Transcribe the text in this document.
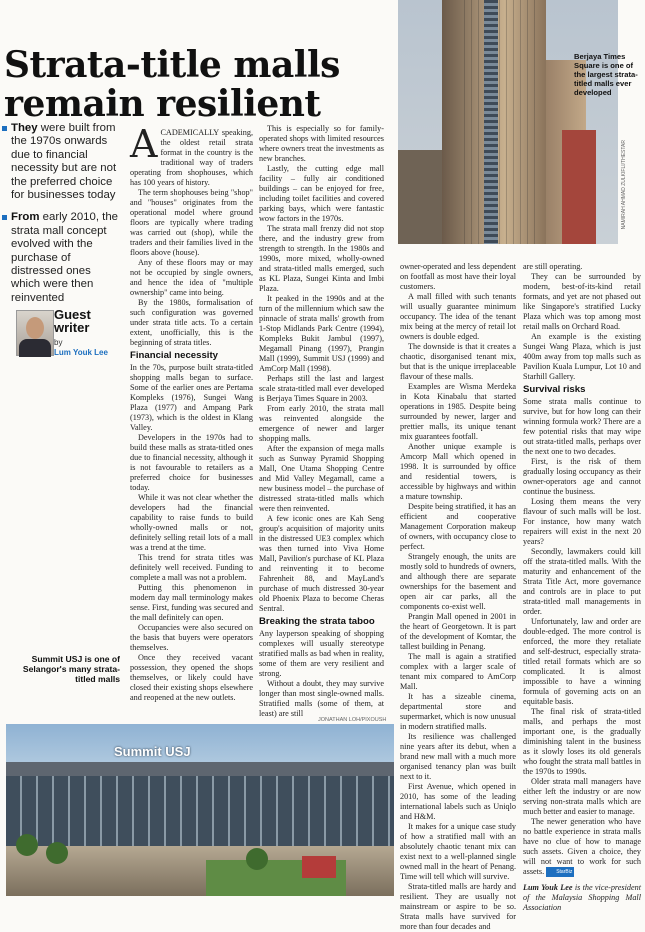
Strata-title malls remain resilient
They were built from the 1970s onwards due to financial necessity but are not the preferred choice for businesses today
From early 2010, the strata mall concept evolved with the purchase of distressed ones which were then reinvented
Guest writer
by
Lum Youk Lee
Berjaya Times Square is one of the largest strata-titled malls ever developed
NAMIRAH AHMAD ZULKIFLI/THESTAR

ACADEMICALLY speaking, the oldest retail strata format in the country is the traditional way of traders operating from shophouses, which has 100 years of history.

The term shophouses being "shop" and "houses" originates from the operational model where ground floors are typically where trading was carried out (shop), while the traders and their families lived in the floors above (house).

Any of these floors may or may not be occupied by single owners, and hence the idea of "multiple ownership" came into being.

By the 1980s, formalisation of such configuration was governed under strata title acts. To a certain extent, unofficially, this is the beginning of strata titles.

Financial necessity

In the 70s, purpose built strata-titled shopping malls began to surface. Some of the earlier ones are Pertama Kompleks (1976), Sungei Wang Plaza (1977) and Ampang Park (1973), which is the oldest in Klang Valley.

Developers in the 1970s had to build these malls as strata-titled ones due to financial necessity, although it is not favourable to retailers as a preferred choice for businesses today.

While it was not clear whether the developers had the financial capability to raise funds to build wholly-owned malls or not, definitely selling retail lots of a mall was a trend at the time.

This trend for strata titles was definitely well received. Funding to complete a mall was not a problem.

Putting this phenomenon in modern day mall terminology makes sense. First, funding was secured and the mall definitely can open.

Occupancies were also secured on the basis that buyers were operators themselves.

Once they received vacant possession, they opened the shops themselves, or likely could have closed their existing shops elsewhere and reopened at the new outlets.

This is especially so for family-operated shops with limited resources where owners treat the investments as new branches.

Lastly, the cutting edge mall facility – fully air conditioned buildings – can be enjoyed for free, including toilet facilities and covered parking bays, which were fantastic wow factors in the 1970s.

The strata mall frenzy did not stop there, and the industry grew from strength to strength. In the 1980s and 1990s, more mixed, wholly-owned and strata-titled malls emerged, such as KL Plaza, Sungei Kinta and Imbi Plaza.

It peaked in the 1990s and at the turn of the millennium which saw the pinnacle of strata malls' growth from 1-Stop Midlands Park Centre (1994), Kompleks Bukit Jambul (1997), Megamall Pinang (1997), Prangin Mall (1999), Summit USJ (1999) and AmCorp Mall (1998).

Perhaps still the last and largest scale strata-titled mall ever developed is Berjaya Times Square in 2003.

From early 2010, the strata mall was reinvented alongside the emergence of newer and larger shopping malls.

After the expansion of mega malls such as Sunway Pyramid Shopping Mall, One Utama Shopping Centre and Mid Valley Megamall, came a new business model – the purchase of distressed strata-titled malls which were then reinvented.

A few iconic ones are Kah Seng group's acquisition of majority units in the distressed UE3 complex which was then turned into Viva Home Mall, Pavilion's purchase of KL Plaza and reinventing it to become Fahrenheit 88, and MayLand's purchase of much distressed 30-year old Phoenix Plaza to become Cheras Sentral.

Breaking the strata taboo

Any layperson speaking of shopping complexes will usually stereotype stratified malls as bad when in reality, some of them are very resilient and strong.

Without a doubt, they may survive longer than most single-owned malls. Stratified malls (some of them, at least) are still

JONATHAN LOH/PIXOUSH
Summit USJ is one of Selangor's many strata-titled malls
Summit USJ

owner-operated and less dependent on footfall as most have their loyal customers.

A mall filled with such tenants will usually guarantee minimum occupancy. The idea of the tenant mix being at the mercy of retail lot owners is double edged.

The downside is that it creates a chaotic, disorganised tenant mix, but that is the unique irreplaceable flavour of these malls.

Examples are Wisma Merdeka in Kota Kinabalu that started operations in 1985. Despite being surrounded by newer, larger and prettier malls, its unique tenant mix guarantees footfall.

Another unique example is Amcorp Mall which opened in 1998. It is surrounded by office and residential towers, is accessible by highways and within a mature township.

Despite being stratified, it has an efficient and cooperative Management Corporation makeup of owners, with occupancy close to perfect.

Strangely enough, the units are mostly sold to hundreds of owners, and although there are separate ownerships for the basement and open air car parks, all the components co-exist well.

Prangin Mall opened in 2001 in the heart of Georgetown. It is part of the development of Komtar, the tallest building in Penang.

The mall is again a stratified complex with a larger scale of tenant mix compared to AmCorp Mall.

It has a sizeable cinema, departmental store and supermarket, which is now unusual in modern stratified malls.

Its resilience was challenged nine years after its debut, when a brand new mall with a much more organised tenancy plan was built next to it.

First Avenue, which opened in 2010, has some of the leading international labels such as Uniqlo and H&M.

It makes for a unique case study of how a stratified mall with an absolutely chaotic tenant mix can exist next to a well-planned single owned mall in the heart of Penang. Time will tell which will survive.

Strata-titled malls are hardy and resilient. They are usually not mainstream or aspire to be so. Strata malls have survived for more than four decades and

are still operating.

They can be surrounded by modern, best-of-its-kind retail formats, and yet are not phased out like Singapore's stratified Lucky Plaza which was top among most retail malls on Orchard Road.

An example is the existing Sungei Wang Plaza, which is just 400m away from top malls such as Pavilion Kuala Lumpur, Lot 10 and Starhill Gallery.

Survival risks

Some strata malls continue to survive, but for how long can their winning formula work? There are a few potential risks that may wipe out strata-titled malls, perhaps over the next one to two decades.

First, is the risk of them gradually losing occupancy as their owner-operators age and cannot continue the business.

Losing them means the very flavour of such malls will be lost. For instance, how many watch repairers will exist in the next 20 years?

Secondly, lawmakers could kill off the strata-titled malls. With the maturity and enhancement of the Strata Title Act, more governance and controls are in place to put strata-titled mall managements in order.

Unfortunately, law and order are double-edged. The more control is enforced, the more they retaliate and self-destruct, especially strata-titled retail formats which are so complicated. It is almost impossible to have a winning formula of governing acts on an equitable basis.

The final risk of strata-titled malls, and perhaps the most important one, is the gradually diminishing talent in the business as it slowly loses its old generals who fought the strata mall battles in the 1970s to 1990s.

Older strata mall managers have either left the industry or are now serving non-strata malls which are much better and easier to manage.

The newer generation who have no battle experience in strata malls have no clue of how to manage such assets. Given a choice, they will not want to work for such assets. StarBiz

Lum Youk Lee is the vice-president of the Malaysia Shopping Mall Association
